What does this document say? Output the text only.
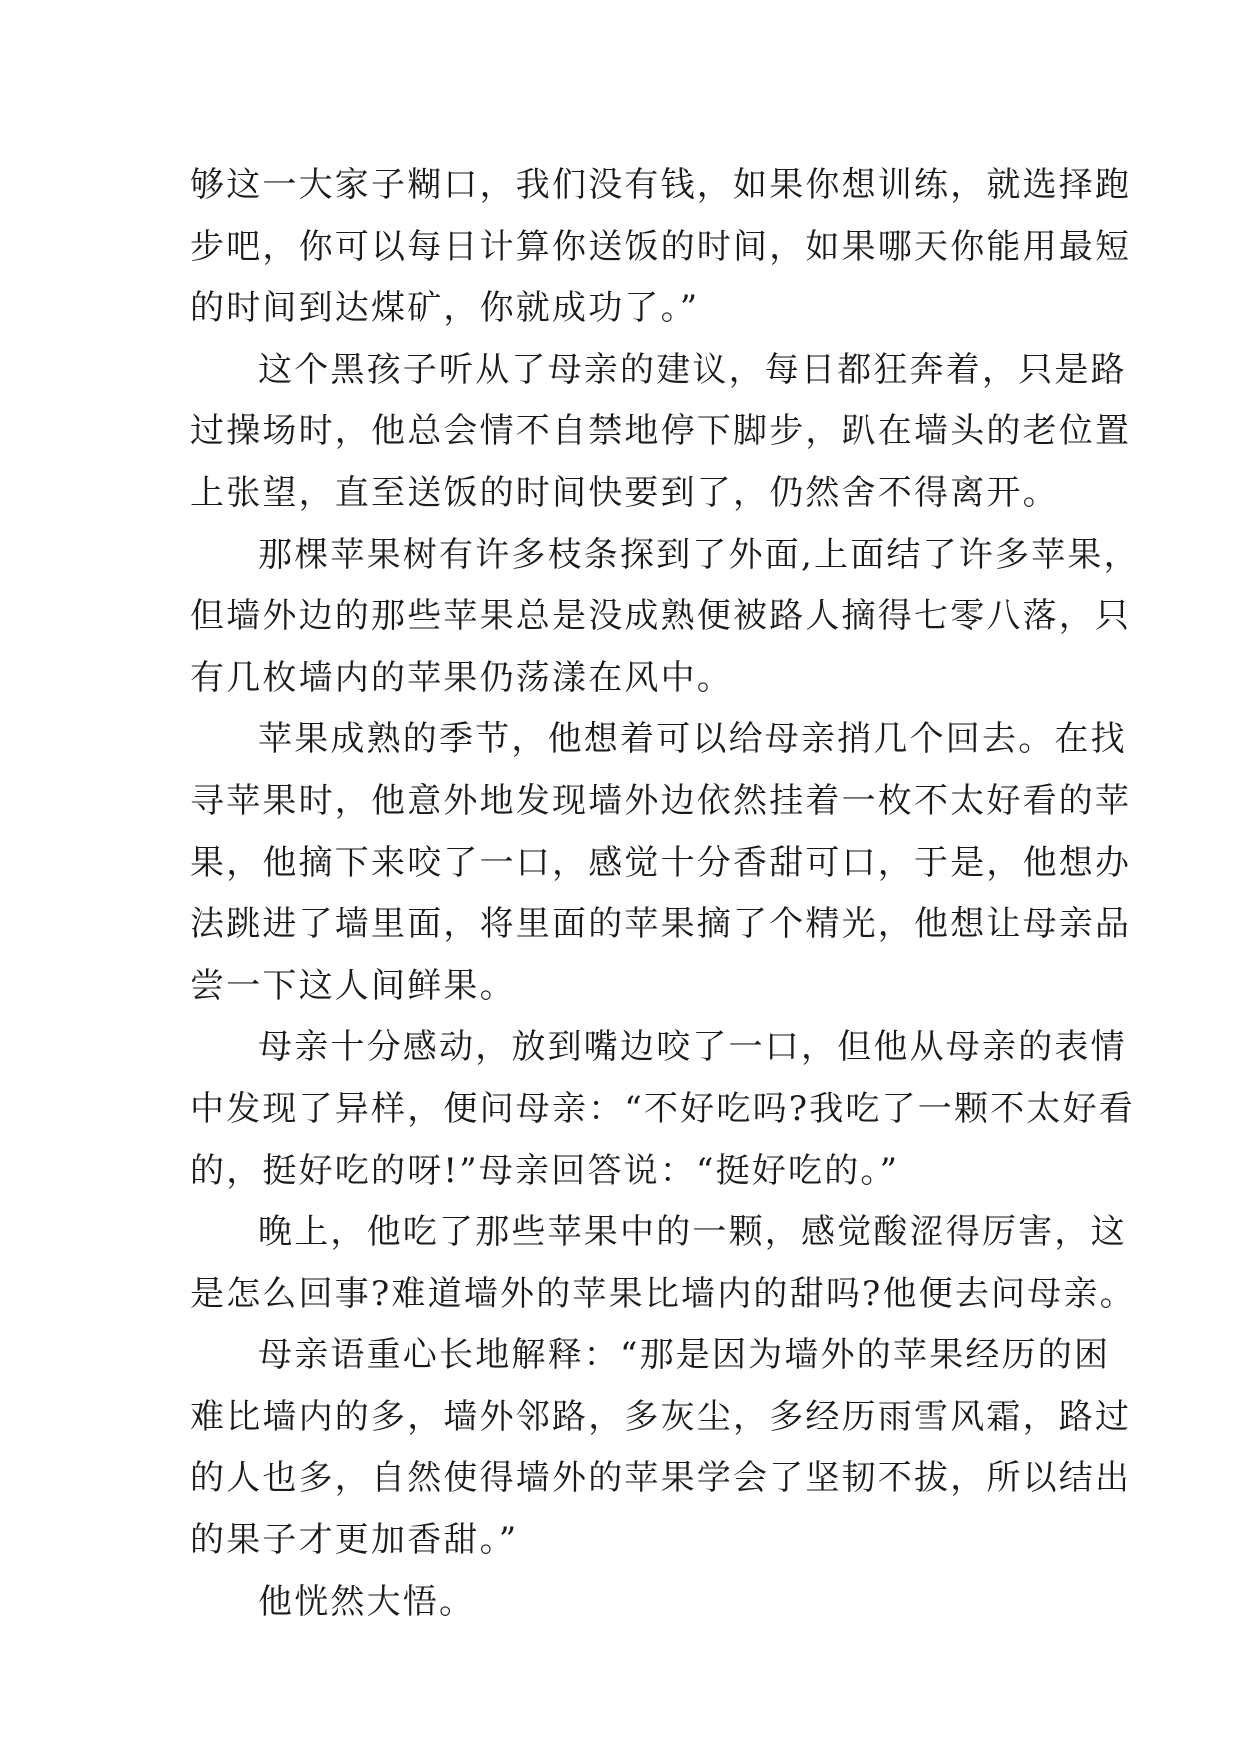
够这一大家子糊口，我们没有钱，如果你想训练，就选择跑
步吧，你可以每日计算你送饭的时间，如果哪天你能用最短
的时间到达煤矿，你就成功了。”
这个黑孩子听从了母亲的建议，每日都狂奔着，只是路
过操场时，他总会情不自禁地停下脚步，趴在墙头的老位置
上张望，直至送饭的时间快要到了，仍然舍不得离开。
那棵苹果树有许多枝条探到了外面,上面结了许多苹果，
但墙外边的那些苹果总是没成熟便被路人摘得七零八落，只
有几枚墙内的苹果仍荡漾在风中。
苹果成熟的季节，他想着可以给母亲捎几个回去。在找
寻苹果时，他意外地发现墙外边依然挂着一枚不太好看的苹
果，他摘下来咬了一口，感觉十分香甜可口，于是，他想办
法跳进了墙里面，将里面的苹果摘了个精光，他想让母亲品
尝一下这人间鲜果。
母亲十分感动，放到嘴边咬了一口，但他从母亲的表情
中发现了异样，便问母亲：“不好吃吗?我吃了一颗不太好看
的，挺好吃的呀!”母亲回答说：“挺好吃的。”
晚上，他吃了那些苹果中的一颗，感觉酸涩得厉害，这
是怎么回事?难道墙外的苹果比墙内的甜吗?他便去问母亲。
母亲语重心长地解释：“那是因为墙外的苹果经历的困
难比墙内的多，墙外邻路，多灰尘，多经历雨雪风霜，路过
的人也多，自然使得墙外的苹果学会了坚韧不拔，所以结出
的果子才更加香甜。”
他恍然大悟。
